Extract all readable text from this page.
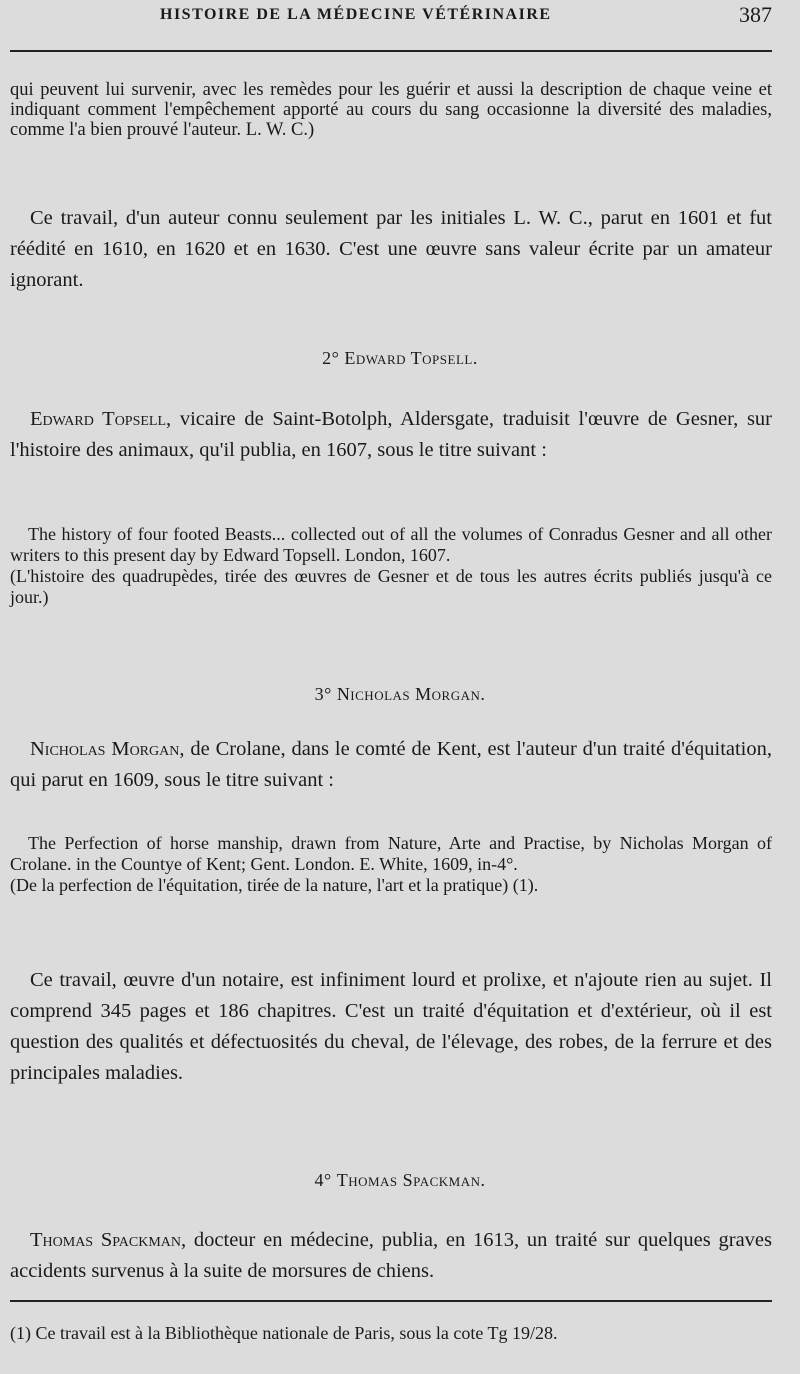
HISTOIRE DE LA MÉDECINE VÉTÉRINAIRE	387

qui peuvent lui survenir, avec les remèdes pour les guérir et aussi la description de chaque veine et indiquant comment l'empêchement apporté au cours du sang occasionne la diversité des maladies, comme l'a bien prouvé l'auteur. L. W. C.)

Ce travail, d'un auteur connu seulement par les initiales L. W. C., parut en 1601 et fut réédité en 1610, en 1620 et en 1630. C'est une œuvre sans valeur écrite par un amateur ignorant.

2° Edward Topsell.

Edward Topsell, vicaire de Saint-Botolph, Aldersgate, traduisit l'œuvre de Gesner, sur l'histoire des animaux, qu'il publia, en 1607, sous le titre suivant :

The history of four footed Beasts... collected out of all the volumes of Conradus Gesner and all other writers to this present day by Edward Topsell. London, 1607.

(L'histoire des quadrupèdes, tirée des œuvres de Gesner et de tous les autres écrits publiés jusqu'à ce jour.)

3° Nicholas Morgan.

Nicholas Morgan, de Crolane, dans le comté de Kent, est l'auteur d'un traité d'équitation, qui parut en 1609, sous le titre suivant :

The Perfection of horse manship, drawn from Nature, Arte and Practise, by Nicholas Morgan of Crolane. in the Countye of Kent; Gent. London. E. White, 1609, in-4°.

(De la perfection de l'équitation, tirée de la nature, l'art et la pratique) (1).

Ce travail, œuvre d'un notaire, est infiniment lourd et prolixe, et n'ajoute rien au sujet. Il comprend 345 pages et 186 chapitres. C'est un traité d'équitation et d'extérieur, où il est question des qualités et défectuosités du cheval, de l'élevage, des robes, de la ferrure et des principales maladies.

4° Thomas Spackman.

Thomas Spackman, docteur en médecine, publia, en 1613, un traité sur quelques graves accidents survenus à la suite de morsures de chiens.

(1) Ce travail est à la Bibliothèque nationale de Paris, sous la cote Tg 19/28.
